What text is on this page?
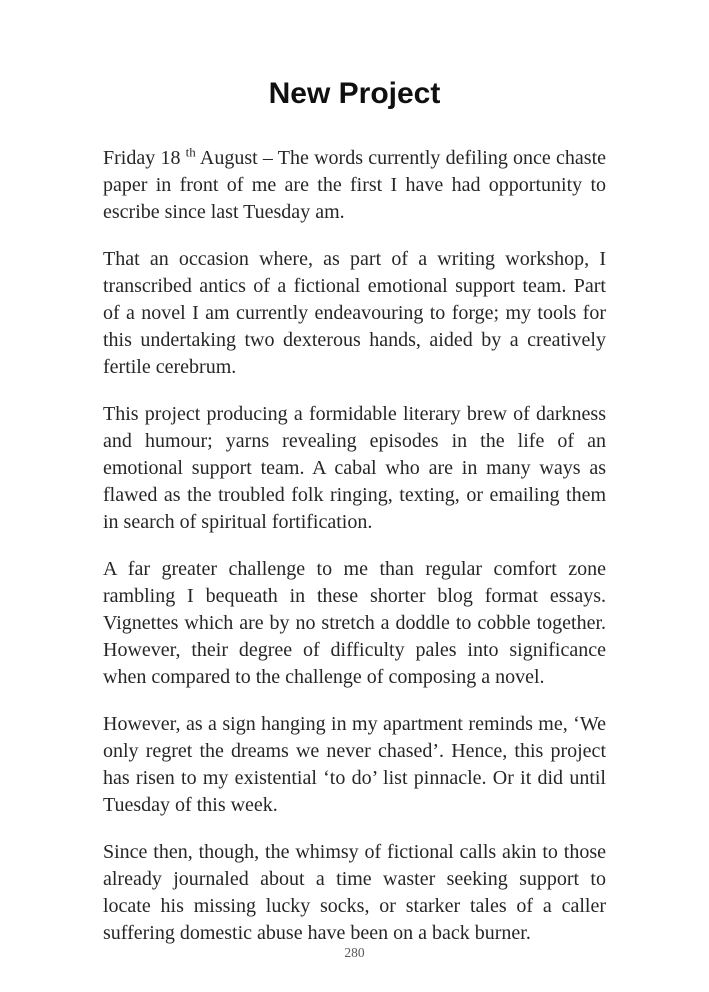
New Project

Friday 18 $^{th}$ August – The words currently defiling once chaste paper in front of me are the first I have had opportunity to escribe since last Tuesday am.

That an occasion where, as part of a writing workshop, I transcribed antics of a fictional emotional support team. Part of a novel I am currently endeavouring to forge; my tools for this undertaking two dexterous hands, aided by a creatively fertile cerebrum.

This project producing a formidable literary brew of darkness and humour; yarns revealing episodes in the life of an emotional support team. A cabal who are in many ways as flawed as the troubled folk ringing, texting, or emailing them in search of spiritual fortification.

A far greater challenge to me than regular comfort zone rambling I bequeath in these shorter blog format essays. Vignettes which are by no stretch a doddle to cobble together. However, their degree of difficulty pales into significance when compared to the challenge of composing a novel.

However, as a sign hanging in my apartment reminds me, ‘We only regret the dreams we never chased’. Hence, this project has risen to my existential ‘to do’ list pinnacle. Or it did until Tuesday of this week.

Since then, though, the whimsy of fictional calls akin to those already journaled about a time waster seeking support to locate his missing lucky socks, or starker tales of a caller suffering domestic abuse have been on a back burner.

280
